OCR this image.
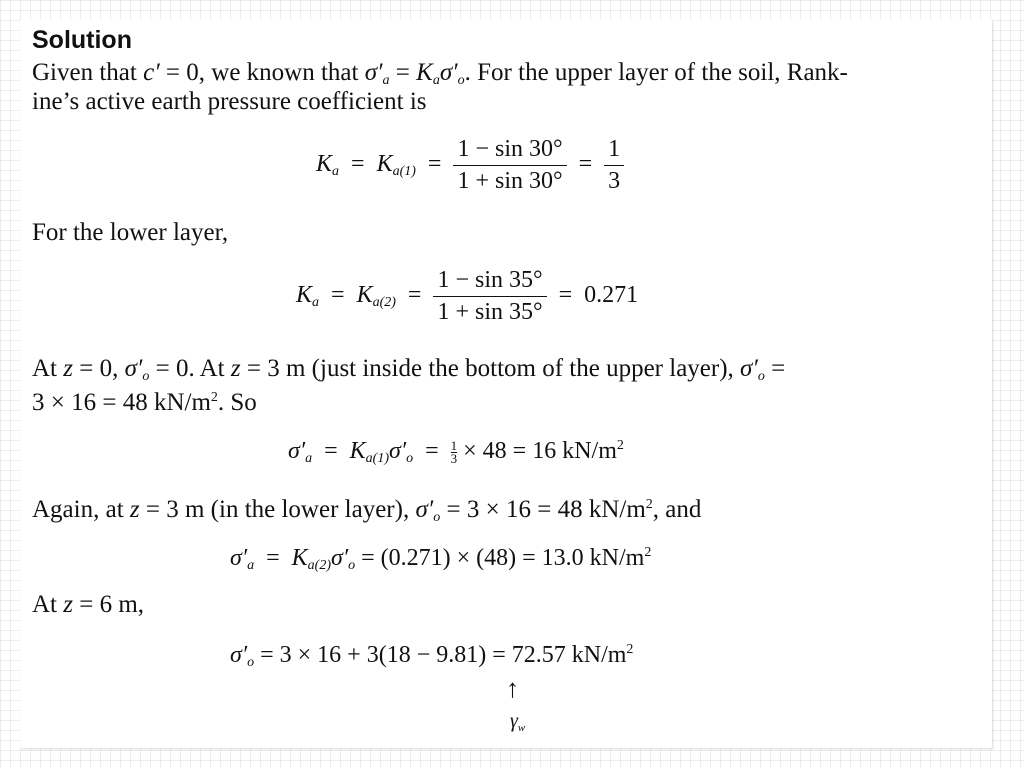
Solution
Given that c′ = 0, we known that $\sigma'_a = K_a\sigma'_o$. For the upper layer of the soil, Rank-
ine’s active earth pressure coefficient is
$K_a = K_{a(1)} = \frac{1 - \sin 30^\circ}{1 + \sin 30^\circ} = \frac{1}{3}$
For the lower layer,
$K_a = K_{a(2)} = \frac{1 - \sin 35^\circ}{1 + \sin 35^\circ} = 0.271$
At z = 0, $\sigma'_o = 0$. At z = 3 m (just inside the bottom of the upper layer), $\sigma'_o$ =
3 × 16 = 48 $kN/m^2$. So
$\sigma'_a = K_{a(1)}\sigma'_o = \frac{1}{3} \times 48 = 16$ $kN/m^2$
Again, at z = 3 m (in the lower layer), $\sigma'_o = 3 \times 16 = 48$ $kN/m^2$, and
$\sigma'_a = K_{a(2)}\sigma'_o = (0.271) \times (48) = 13.0$ $kN/m^2$
At z = 6 m,
$\sigma'_o = 3 \times 16 + 3(18 - 9.81) = 72.57$ $kN/m^2$
↑
$\gamma_w$
